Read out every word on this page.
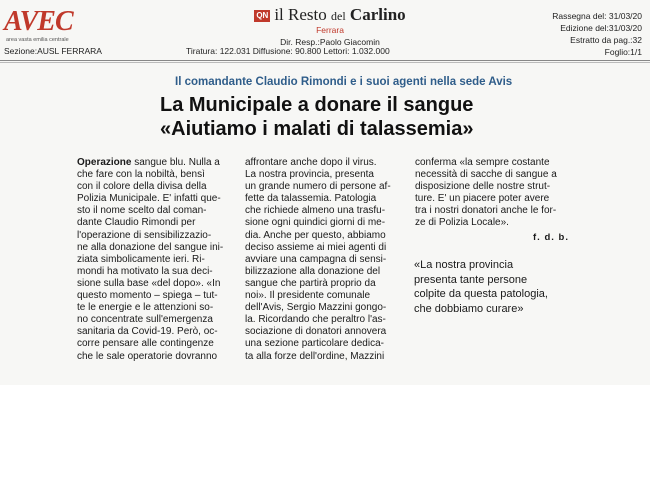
AVEC
area vasta emilia centrale
Sezione:AUSL FERRARA
QN il Resto del Carlino
Ferrara
Dir. Resp.:Paolo Giacomin
Tiratura: 122.031 Diffusione: 90.800 Lettori: 1.032.000
Rassegna del: 31/03/20
Edizione del:31/03/20
Estratto da pag.:32
Foglio:1/1
Il comandante Claudio Rimondi e i suoi agenti nella sede Avis
La Municipale a donare il sangue
«Aiutiamo i malati di talassemia»
Operazione sangue blu. Nulla a
che fare con la nobiltà, bensì
con il colore della divisa della
Polizia Municipale. E' infatti que-
sto il nome scelto dal coman-
dante Claudio Rimondi per
l'operazione di sensibilizzazio-
ne alla donazione del sangue ini-
ziata simbolicamente ieri. Ri-
mondi ha motivato la sua deci-
sione sulla base «del dopo». «In
questo momento – spiega – tut-
te le energie e le attenzioni so-
no concentrate sull'emergenza
sanitaria da Covid-19. Però, oc-
corre pensare alle contingenze
che le sale operatorie dovranno
affrontare anche dopo il virus.
La nostra provincia, presenta
un grande numero di persone af-
fette da talassemia. Patologia
che richiede almeno una trasfu-
sione ogni quindici giorni di me-
dia. Anche per questo, abbiamo
deciso assieme ai miei agenti di
avviare una campagna di sensi-
bilizzazione alla donazione del
sangue che partirà proprio da
noi». Il presidente comunale
dell'Avis, Sergio Mazzini gongo-
la. Ricordando che peraltro l'as-
sociazione di donatori annovera
una sezione particolare dedica-
ta alla forze dell'ordine, Mazzini
conferma «la sempre costante
necessità di sacche di sangue a
disposizione delle nostre strut-
ture. E' un piacere poter avere
tra i nostri donatori anche le for-
ze di Polizia Locale».
f. d. b.
«La nostra provincia
presenta tante persone
colpite da questa patologia,
che dobbiamo curare»
